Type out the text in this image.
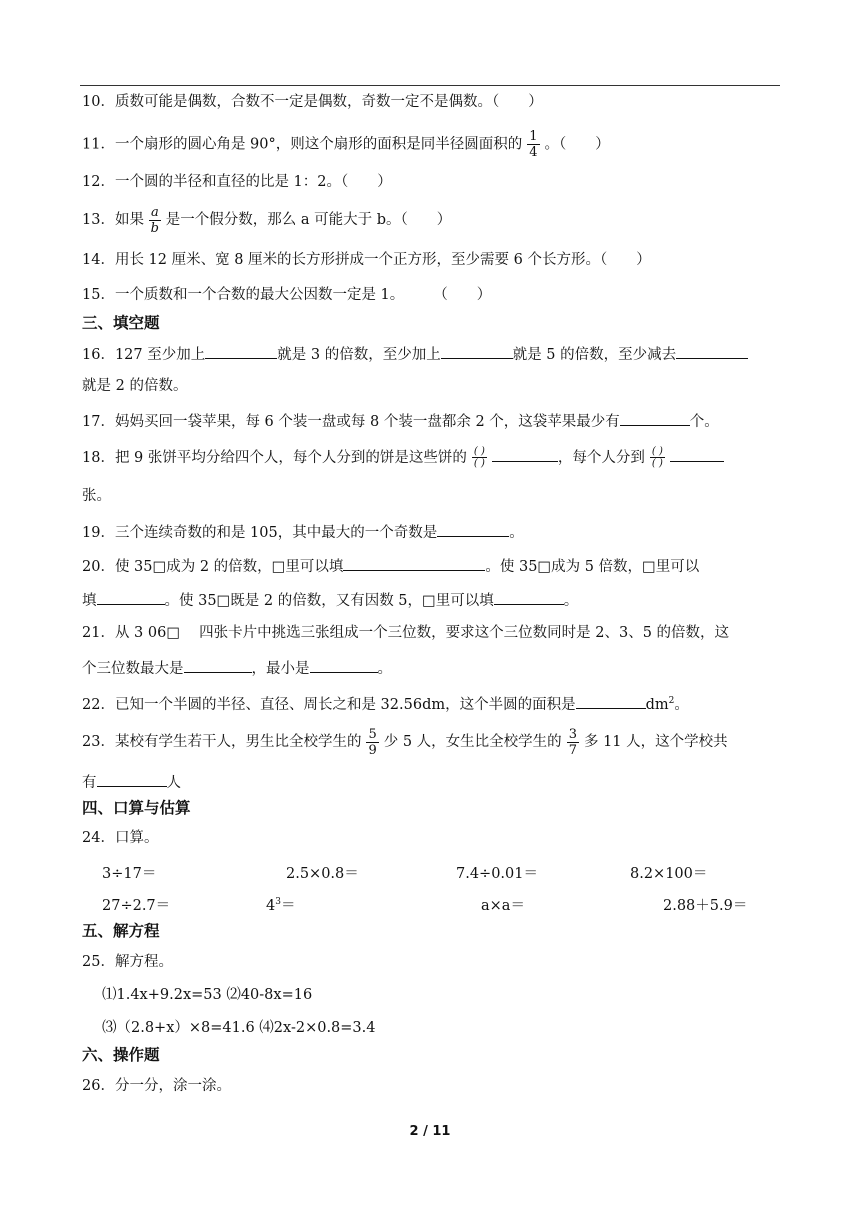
10．质数可能是偶数，合数不一定是偶数，奇数一定不是偶数。（　　）
11．一个扇形的圆心角是 90°，则这个扇形的面积是同半径圆面积的 $\frac{1}{4}$ 。（　　）
12．一个圆的半径和直径的比是 1：2。（　　）
13．如果 $\frac{a}{b}$ 是一个假分数，那么 a 可能大于 b。（　　）
14．用长 12 厘米、宽 8 厘米的长方形拼成一个正方形，至少需要 6 个长方形。（　　）
15．一个质数和一个合数的最大公因数一定是 1。　　　（　　）
三、填空题
16．127 至少加上	就是 3 的倍数，至少加上	就是 5 的倍数，至少减去
就是 2 的倍数。
17．妈妈买回一袋苹果，每 6 个装一盘或每 8 个装一盘都余 2 个，这袋苹果最少有	个。
18．把 9 张饼平均分给四个人，每个人分到的饼是这些饼的 $\frac{( )}{( )}$	，每个人分到 $\frac{( )}{( )}$
张。
19．三个连续奇数的和是 105，其中最大的一个奇数是	。
20．使 35□成为 2 的倍数，□里可以填	。使 35□成为 5 倍数，□里可以
填	。使 35□既是 2 的倍数，又有因数 5，□里可以填	。
21．从 3 06□　 四张卡片中挑选三张组成一个三位数，要求这个三位数同时是 2、3、5 的倍数，这
个三位数最大是	，最小是	。
22．已知一个半圆的半径、直径、周长之和是 32.56dm，这个半圆的面积是	$dm^2$。
23．某校有学生若干人，男生比全校学生的 $\frac{5}{9}$ 少 5 人，女生比全校学生的 $\frac{3}{7}$ 多 11 人，这个学校共
有	人
四、口算与估算
24．口算。
3÷17＝	2.5×0.8＝	7.4÷0.01＝	8.2×100＝
27÷2.7＝	$4^3=$	a×a＝	2.88＋5.9＝
五、解方程
25．解方程。
⑴1.4x+9.2x=53 ⑵40-8x=16
⑶（2.8+x）×8=41.6 ⑷2x-2×0.8=3.4
六、操作题
26．分一分，涂一涂。
2 / 11
